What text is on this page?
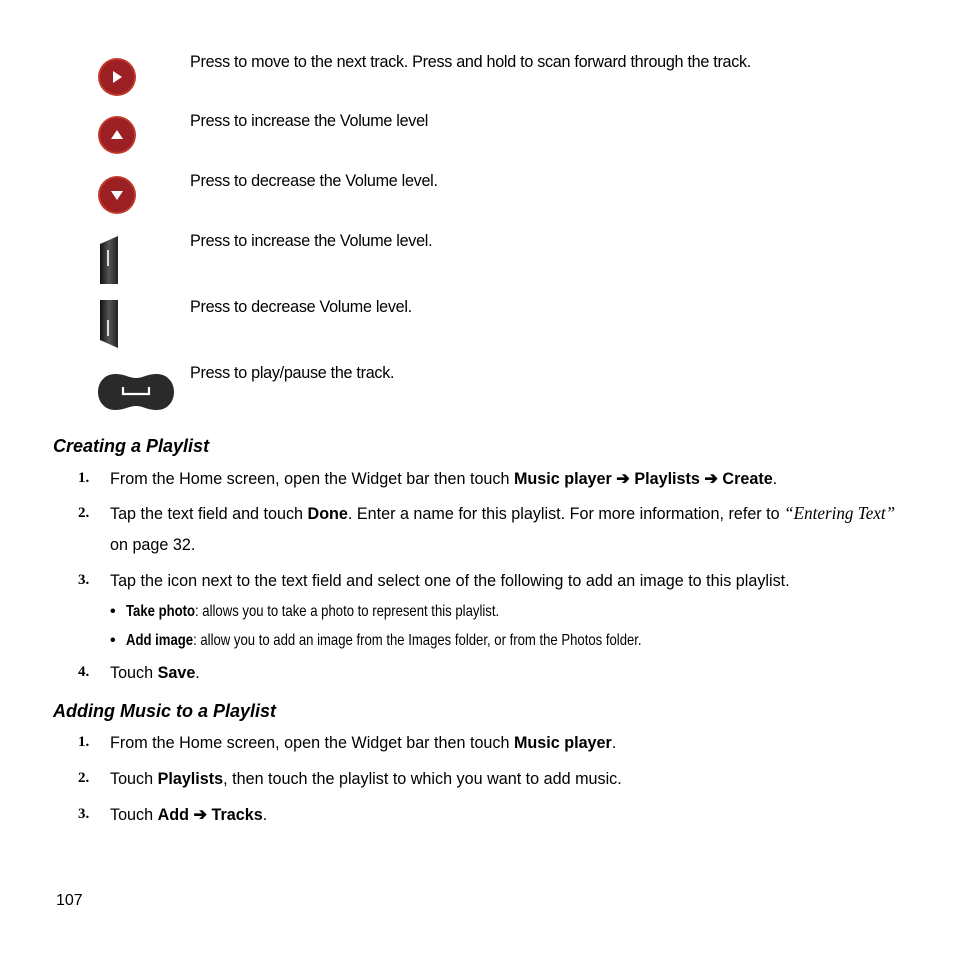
Press to move to the next track. Press and hold to scan forward through the track.
Press to increase the Volume level
Press to decrease the Volume level.
Press to increase the Volume level.
Press to decrease Volume level.
Press to play/pause the track.
Creating a Playlist
1. From the Home screen, open the Widget bar then touch Music player ➔ Playlists ➔ Create.
2. Tap the text field and touch Done. Enter a name for this playlist. For more information, refer to “Entering Text”
on page 32.
3. Tap the icon next to the text field and select one of the following to add an image to this playlist.
• Take photo: allows you to take a photo to represent this playlist.
• Add image: allow you to add an image from the Images folder, or from the Photos folder.
4. Touch Save.
Adding Music to a Playlist
1. From the Home screen, open the Widget bar then touch Music player.
2. Touch Playlists, then touch the playlist to which you want to add music.
3. Touch Add ➔ Tracks.
107
